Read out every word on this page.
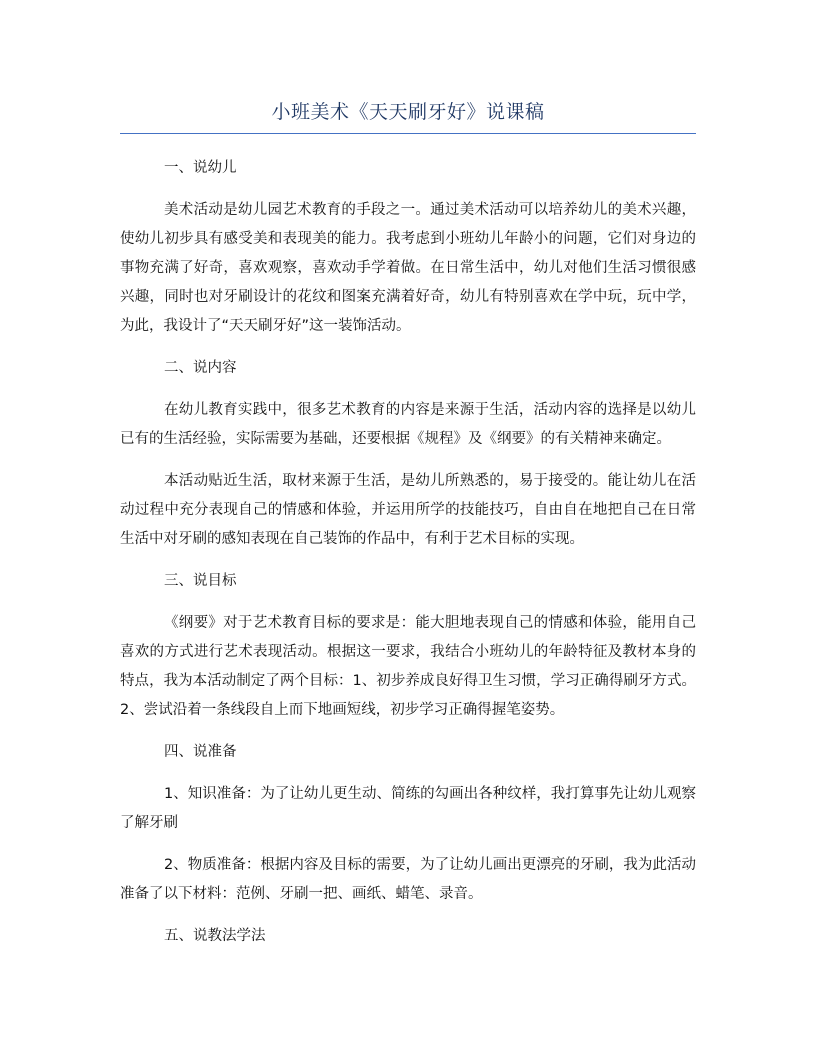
小班美术《天天刷牙好》说课稿

一、说幼儿

美术活动是幼儿园艺术教育的手段之一。通过美术活动可以培养幼儿的美术兴趣，使幼儿初步具有感受美和表现美的能力。我考虑到小班幼儿年龄小的问题，它们对身边的事物充满了好奇，喜欢观察，喜欢动手学着做。在日常生活中，幼儿对他们生活习惯很感兴趣，同时也对牙刷设计的花纹和图案充满着好奇，幼儿有特别喜欢在学中玩，玩中学，为此，我设计了“天天刷牙好”这一装饰活动。

二、说内容

在幼儿教育实践中，很多艺术教育的内容是来源于生活，活动内容的选择是以幼儿已有的生活经验，实际需要为基础，还要根据《规程》及《纲要》的有关精神来确定。

本活动贴近生活，取材来源于生活，是幼儿所熟悉的，易于接受的。能让幼儿在活动过程中充分表现自己的情感和体验，并运用所学的技能技巧，自由自在地把自己在日常生活中对牙刷的感知表现在自己装饰的作品中，有利于艺术目标的实现。

三、说目标

《纲要》对于艺术教育目标的要求是：能大胆地表现自己的情感和体验，能用自己喜欢的方式进行艺术表现活动。根据这一要求，我结合小班幼儿的年龄特征及教材本身的特点，我为本活动制定了两个目标：1、初步养成良好得卫生习惯，学习正确得刷牙方式。2、尝试沿着一条线段自上而下地画短线，初步学习正确得握笔姿势。

四、说准备

1、知识准备：为了让幼儿更生动、简练的勾画出各种纹样，我打算事先让幼儿观察了解牙刷

2、物质准备：根据内容及目标的需要，为了让幼儿画出更漂亮的牙刷，我为此活动准备了以下材料：范例、牙刷一把、画纸、蜡笔、录音。

五、说教法学法
